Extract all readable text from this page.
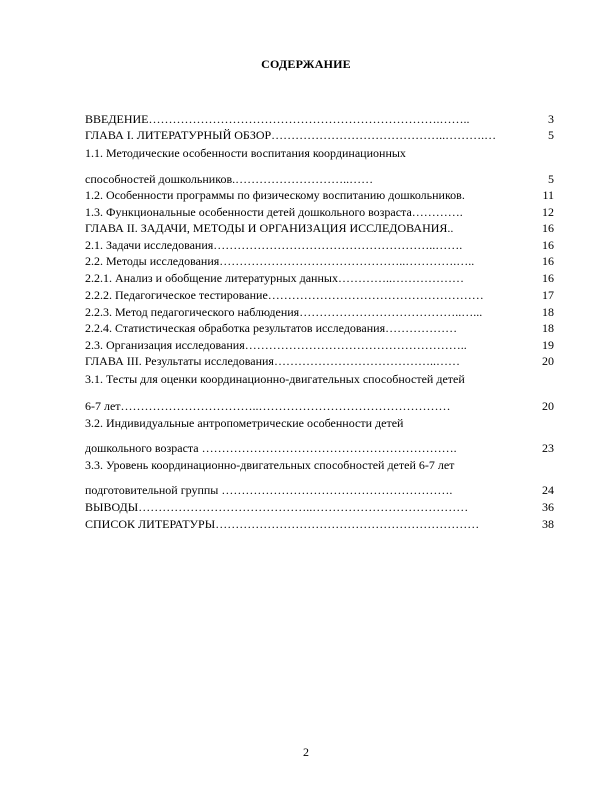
СОДЕРЖАНИЕ
ВВЕДЕНИЕ……………………………………………………………….……..	3
ГЛАВА I. ЛИТЕРАТУРНЫЙ ОБЗОР……………………………………..……….…	5
1.1. Методические особенности воспитания координационных
способностей дошкольников.………………………..……	5
1.2. Особенности программы по физическому воспитанию дошкольников.	11
1.3. Функциональные особенности детей дошкольного возраста………….	12
ГЛАВА II. ЗАДАЧИ, МЕТОДЫ И ОРГАНИЗАЦИЯ ИССЛЕДОВАНИЯ..	16
2.1. Задачи исследования………………………………………………..…….	16
2.2. Методы исследования………………………………………..………….…..	16
2.2.1. Анализ и обобщение литературных данных…………..………………	16
2.2.2. Педагогическое тестирование………………………………………………	17
2.2.3. Метод педагогического наблюдения…………………………………..…...	18
2.2.4. Статистическая обработка результатов исследования………………	18
2.3. Организация исследования………………………………………………..	19
ГЛАВА III. Результаты исследования…………………………………..……	20
3.1. Тесты для оценки координационно-двигательных способностей детей
6-7 лет……………………………..…………………………………………	20
3.2. Индивидуальные антропометрические особенности детей
дошкольного возраста ……………………………………………………….	23
3.3. Уровень координационно-двигательных способностей детей 6-7 лет
подготовительной группы ………………………………………………….	24
ВЫВОДЫ……………………………………..…………………………………	36
СПИСОК ЛИТЕРАТУРЫ…………………………………………………………	38
2
